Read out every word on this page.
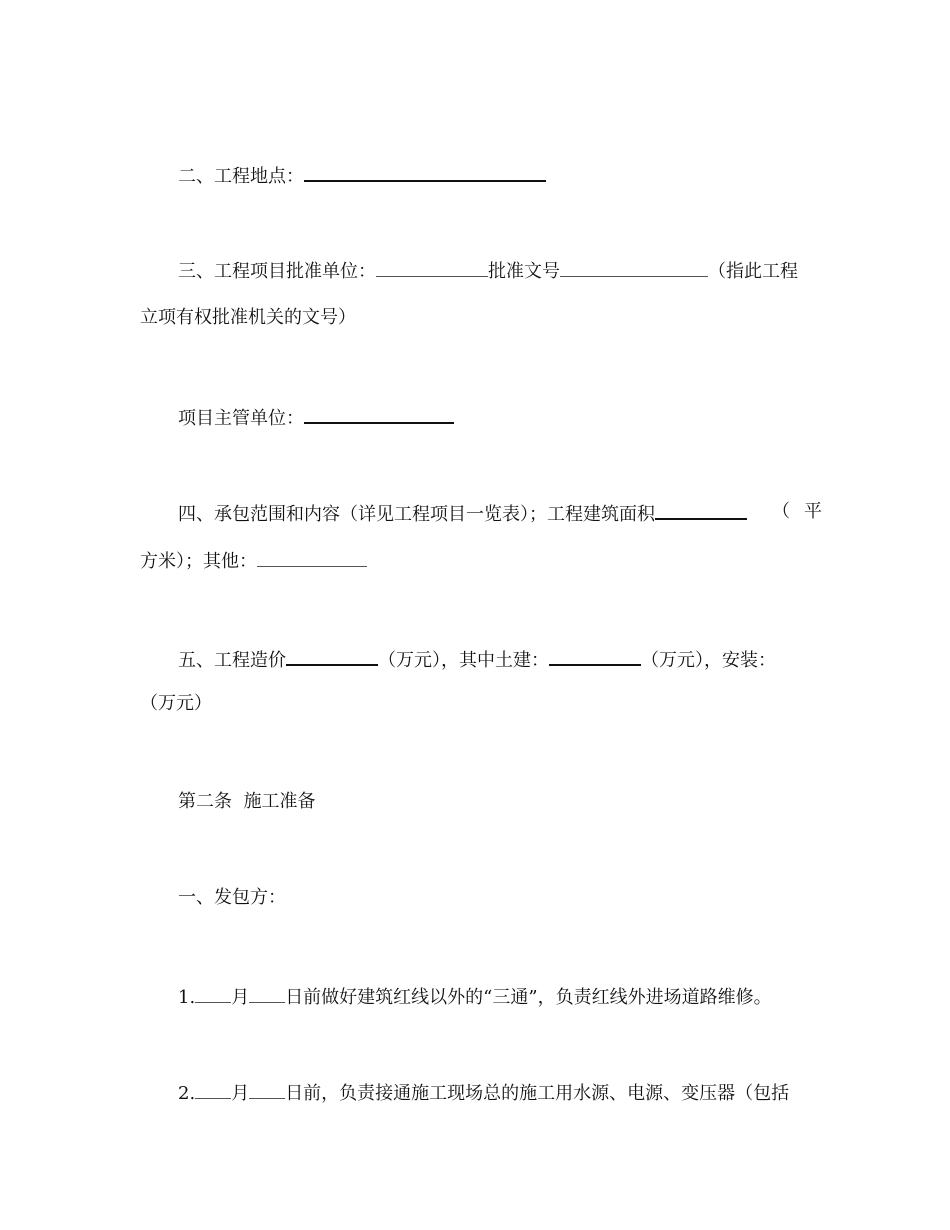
二、工程地点：
三、工程项目批准单位：	批准文号	（指此工程
立项有权批准机关的文号）
项目主管单位：
四、承包范围和内容（详见工程项目一览表）；工程建筑面积	（平
方米）；其他：
五、工程造价	（万元），其中土建：	（万元），安装：
（万元）
第二条  施工准备
一、发包方：
1. 月 日前做好建筑红线以外的“三通”，负责红线外进场道路维修。
2. 月 日前，负责接通施工现场总的施工用水源、电源、变压器（包括
